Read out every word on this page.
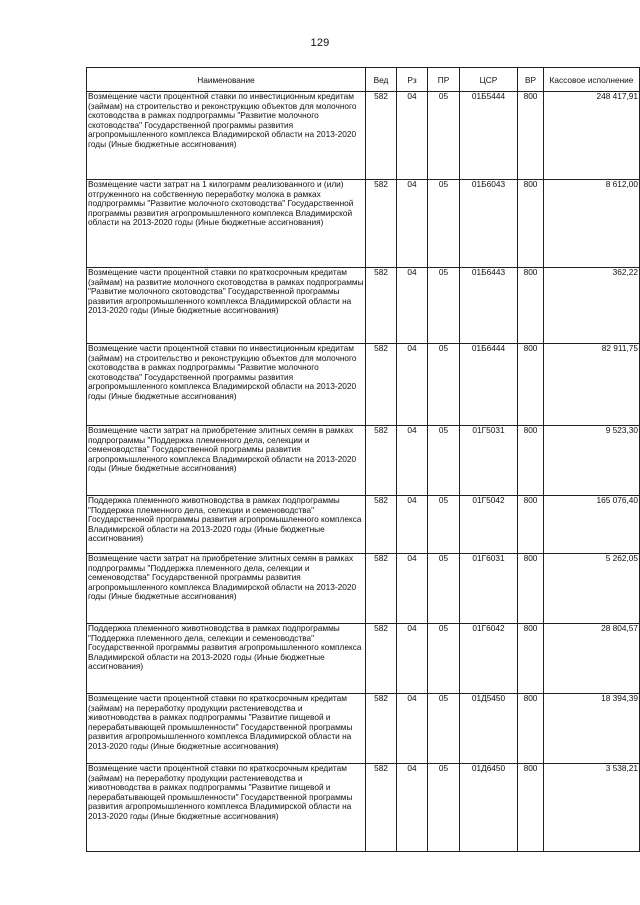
129
Наименование	Вед	Рз	ПР	ЦСР	ВР	Кассовое исполнение
Возмещение части процентной ставки по инвестиционным кредитам (займам) на строительство и реконструкцию объектов для молочного скотоводства в рамках подпрограммы "Развитие молочного скотоводства" Государственной программы развития агропромышленного комплекса Владимирской области на 2013-2020 годы (Иные бюджетные ассигнования)	582	04	05	01Б5444	800	248 417,91
Возмещение части затрат на 1 килограмм реализованного и (или) отгруженного на собственную переработку молока в рамках подпрограммы "Развитие молочного скотоводства" Государственной программы развития агропромышленного комплекса Владимирской области на 2013-2020 годы (Иные бюджетные ассигнования)	582	04	05	01Б6043	800	8 612,00
Возмещение части процентной ставки по краткосрочным кредитам (займам) на развитие молочного скотоводства в рамках подпрограммы "Развитие молочного скотоводства" Государственной программы развития агропромышленного комплекса Владимирской области на 2013-2020 годы (Иные бюджетные ассигнования)	582	04	05	01Б6443	800	362,22
Возмещение части процентной ставки по инвестиционным кредитам (займам) на строительство и реконструкцию объектов для молочного скотоводства в рамках подпрограммы "Развитие молочного скотоводства" Государственной программы развития агропромышленного комплекса Владимирской области на 2013-2020 годы (Иные бюджетные ассигнования)	582	04	05	01Б6444	800	82 911,75
Возмещение части затрат на приобретение элитных семян в рамках подпрограммы "Поддержка племенного дела, селекции и семеноводства" Государственной программы развития агропромышленного комплекса Владимирской области на 2013-2020 годы (Иные бюджетные ассигнования)	582	04	05	01Г5031	800	9 523,30
Поддержка племенного животноводства в рамках подпрограммы "Поддержка племенного дела, селекции и семеноводства" Государственной программы развития агропромышленного комплекса Владимирской области на 2013-2020 годы (Иные бюджетные ассигнования)	582	04	05	01Г5042	800	165 076,40
Возмещение части затрат на приобретение элитных семян в рамках подпрограммы "Поддержка племенного дела, селекции и семеноводства" Государственной программы развития агропромышленного комплекса Владимирской области на 2013-2020 годы (Иные бюджетные ассигнования)	582	04	05	01Г6031	800	5 262,05
Поддержка племенного животноводства в рамках подпрограммы "Поддержка племенного дела, селекции и семеноводства" Государственной программы развития агропромышленного комплекса Владимирской области на 2013-2020 годы (Иные бюджетные ассигнования)	582	04	05	01Г6042	800	28 804,57
Возмещение части процентной ставки по краткосрочным кредитам (займам) на переработку продукции растениеводства и животноводства в рамках подпрограммы "Развитие пищевой и перерабатывающей промышленности" Государственной программы развития агропромышленного комплекса Владимирской области на 2013-2020 годы (Иные бюджетные ассигнования)	582	04	05	01Д5450	800	18 394,39
Возмещение части процентной ставки по краткосрочным кредитам (займам) на переработку продукции растениеводства и животноводства в рамках подпрограммы "Развитие пищевой и перерабатывающей промышленности" Государственной программы развития агропромышленного комплекса Владимирской области на 2013-2020 годы (Иные бюджетные ассигнования)	582	04	05	01Д6450	800	3 538,21
